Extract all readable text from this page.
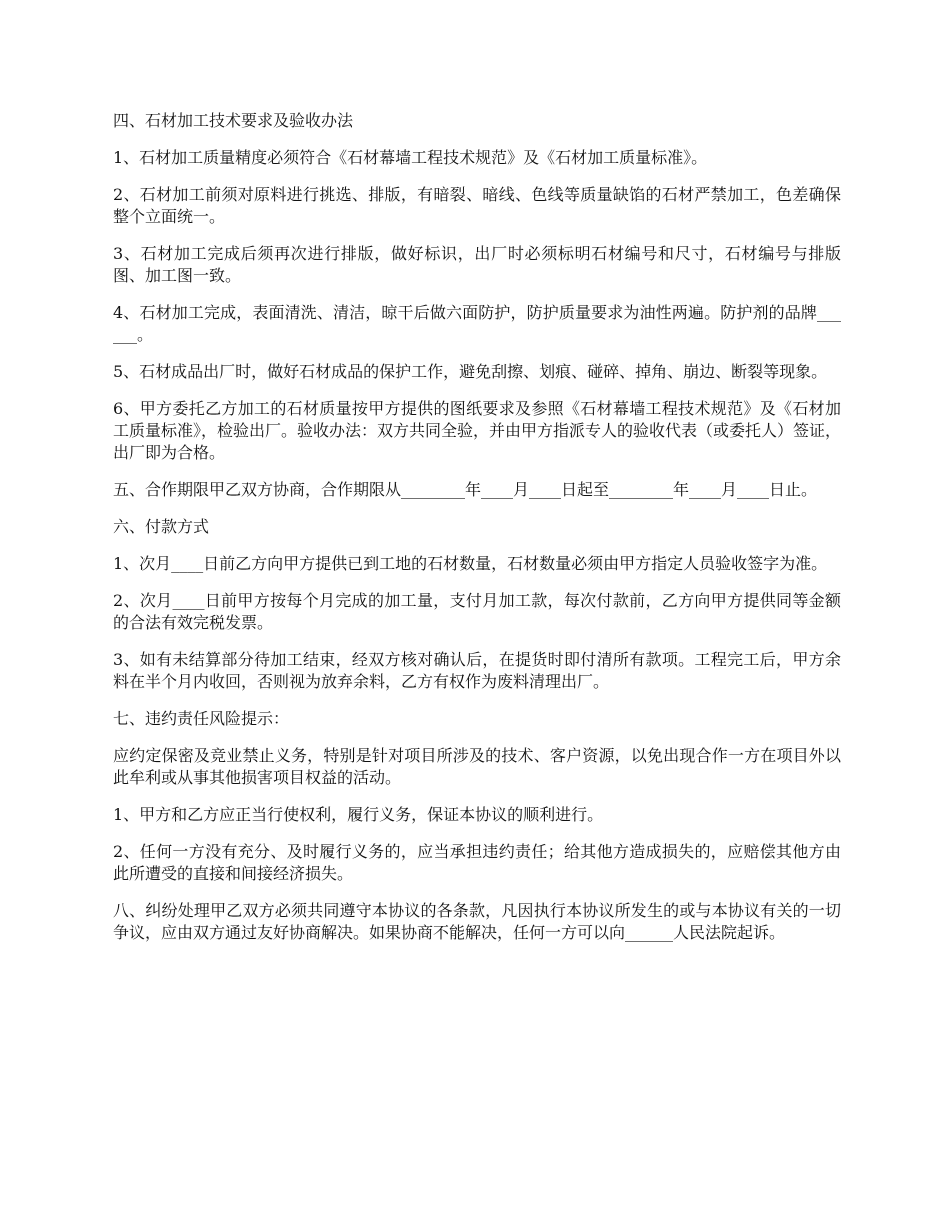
四、石材加工技术要求及验收办法

1、石材加工质量精度必须符合《石材幕墙工程技术规范》及《石材加工质量标准》。

2、石材加工前须对原料进行挑选、排版，有暗裂、暗线、色线等质量缺馅的石材严禁加工，色差确保整个立面统一。

3、石材加工完成后须再次进行排版，做好标识，出厂时必须标明石材编号和尺寸，石材编号与排版图、加工图一致。

4、石材加工完成，表面清洗、清洁，晾干后做六面防护，防护质量要求为油性两遍。防护剂的品牌______。

5、石材成品出厂时，做好石材成品的保护工作，避免刮擦、划痕、碰碎、掉角、崩边、断裂等现象。

6、甲方委托乙方加工的石材质量按甲方提供的图纸要求及参照《石材幕墙工程技术规范》及《石材加工质量标准》，检验出厂。验收办法：双方共同全验，并由甲方指派专人的验收代表（或委托人）签证，出厂即为合格。

五、合作期限甲乙双方协商，合作期限从________年____月____日起至________年____月____日止。

六、付款方式

1、次月____日前乙方向甲方提供已到工地的石材数量，石材数量必须由甲方指定人员验收签字为准。

2、次月____日前甲方按每个月完成的加工量，支付月加工款，每次付款前，乙方向甲方提供同等金额的合法有效完税发票。

3、如有未结算部分待加工结束，经双方核对确认后，在提货时即付清所有款项。工程完工后，甲方余料在半个月内收回，否则视为放弃余料，乙方有权作为废料清理出厂。

七、违约责任风险提示：

应约定保密及竞业禁止义务，特别是针对项目所涉及的技术、客户资源，以免出现合作一方在项目外以此牟利或从事其他损害项目权益的活动。

1、甲方和乙方应正当行使权利，履行义务，保证本协议的顺利进行。

2、任何一方没有充分、及时履行义务的，应当承担违约责任；给其他方造成损失的，应赔偿其他方由此所遭受的直接和间接经济损失。

八、纠纷处理甲乙双方必须共同遵守本协议的各条款，凡因执行本协议所发生的或与本协议有关的一切争议，应由双方通过友好协商解决。如果协商不能解决，任何一方可以向______人民法院起诉。
